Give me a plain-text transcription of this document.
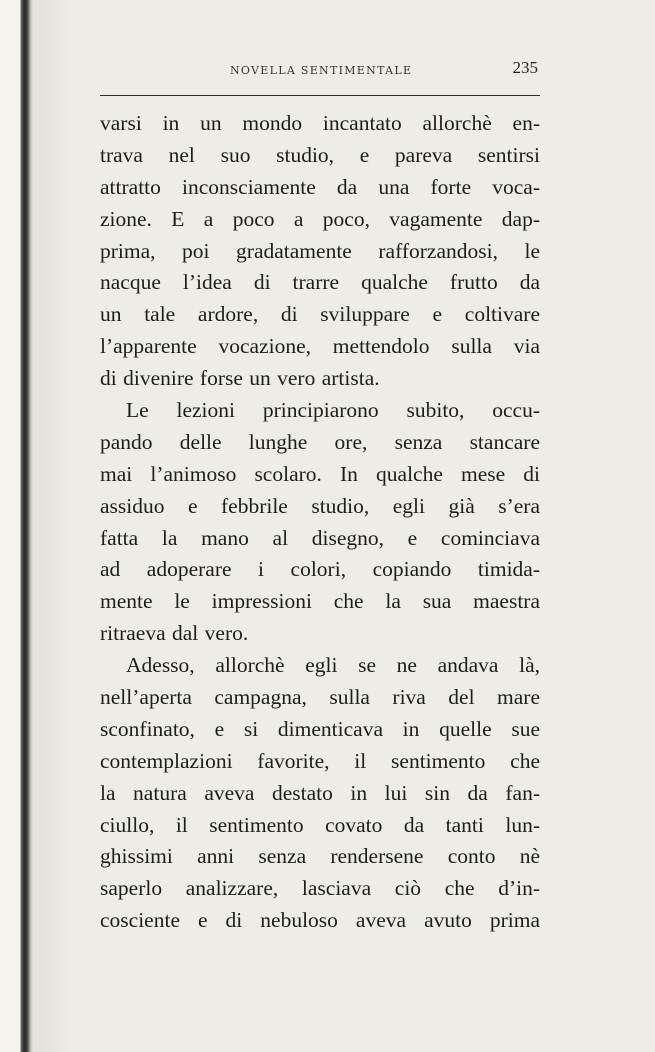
NOVELLA SENTIMENTALE	235
varsi in un mondo incantato allorchè en-
trava nel suo studio, e pareva sentirsi
attratto inconsciamente da una forte voca-
zione. E a poco a poco, vagamente dap-
prima, poi gradatamente rafforzandosi, le
nacque l’idea di trarre qualche frutto da
un tale ardore, di sviluppare e coltivare
l’apparente vocazione, mettendolo sulla via
di divenire forse un vero artista.
Le lezioni principiarono subito, occu-
pando delle lunghe ore, senza stancare
mai l’animoso scolaro. In qualche mese di
assiduo e febbrile studio, egli già s’era
fatta la mano al disegno, e cominciava
ad adoperare i colori, copiando timida-
mente le impressioni che la sua maestra
ritraeva dal vero.
Adesso, allorchè egli se ne andava là,
nell’aperta campagna, sulla riva del mare
sconfinato, e si dimenticava in quelle sue
contemplazioni favorite, il sentimento che
la natura aveva destato in lui sin da fan-
ciullo, il sentimento covato da tanti lun-
ghissimi anni senza rendersene conto nè
saperlo analizzare, lasciava ciò che d’in-
cosciente e di nebuloso aveva avuto prima
